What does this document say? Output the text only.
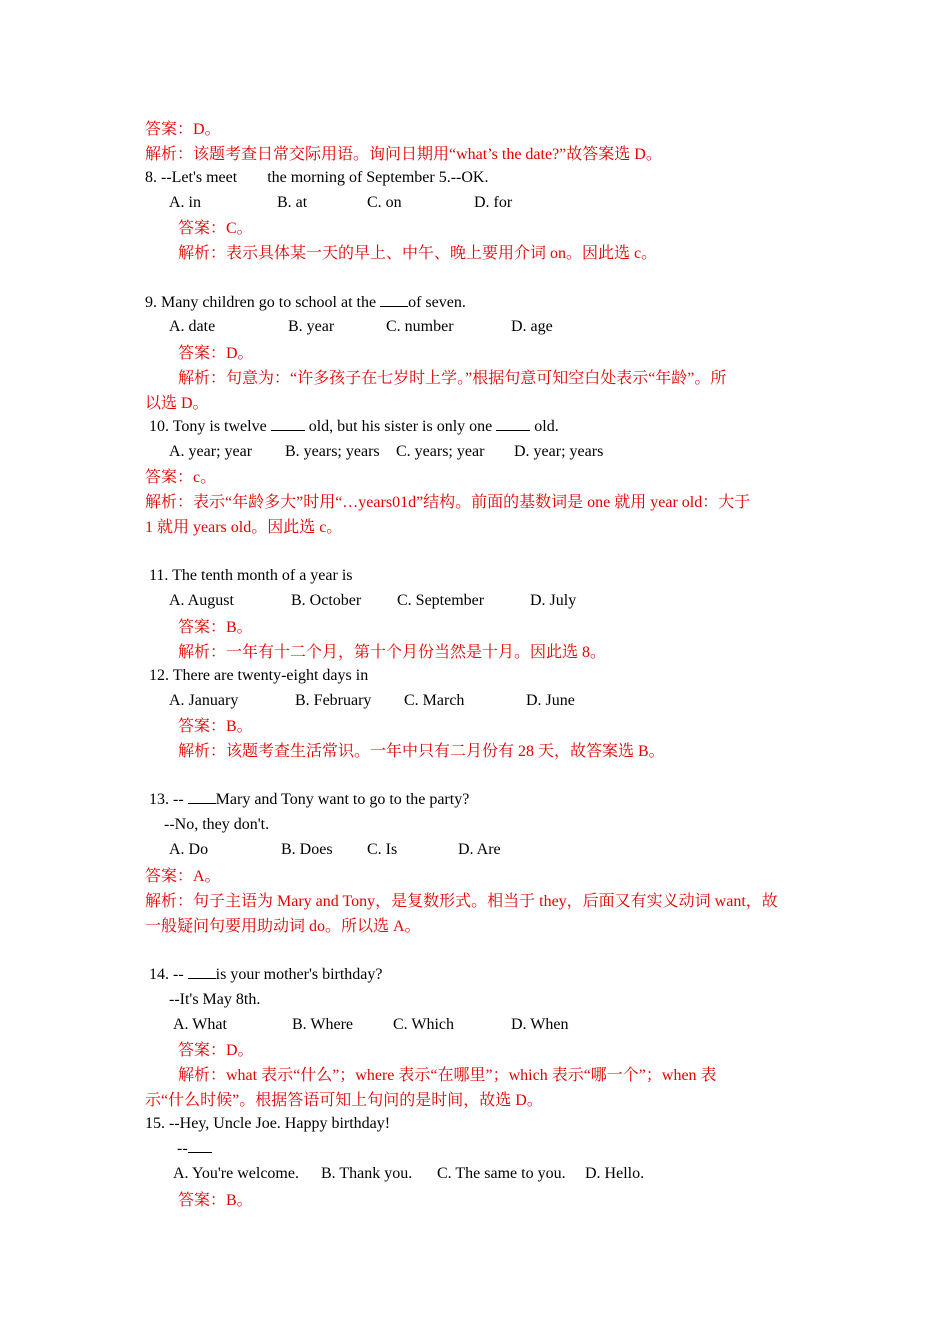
答案：D。
解析：该题考查日常交际用语。询问日期用“what’s the date?”故答案选 D。
8. --Let's meet the morning of September 5.--OK.
A. in	B. at	C. on	D. for
答案：C。
解析：表示具体某一天的早上、中午、晚上要用介词 on。因此选 c。
9. Many children go to school at the of seven.
A. date	B. year	C. number	D. age
答案：D。
解析：句意为：“许多孩子在七岁时上学。”根据句意可知空白处表示“年龄”。所
以选 D。
10. Tony is twelve	old, but his sister is only one	old.
A. year; year B. years; years C. years; year D. year; years
答案：c。
解析：表示“年龄多大”时用“…years01d”结构。前面的基数词是 one 就用 year old：大于
1 就用 years old。因此选 c。
11. The tenth month of a year is
A. August	B. October C. September	D. July
答案：B。
解析：一年有十二个月，第十个月份当然是十月。因此选 8。
12. There are twenty-eight days in
A. January	B. February C. March	D. June
答案：B。
解析：该题考查生活常识。一年中只有二月份有 28 天，故答案选 B。
13. -- Mary and Tony want to go to the party?
--No, they don't.
A. Do	B. Does C. Is	D. Are
答案：A。
解析：句子主语为 Mary and Tony，是复数形式。相当于 they，后面又有实义动词 want，故
一般疑问句要用助动词 do。所以选 A。
14. -- is your mother's birthday?
--It's May 8th.
A. What	B. Where C. Which	D. When
答案：D。
解析：what 表示“什么”；where 表示“在哪里”；which 表示“哪一个”；when 表
示“什么时候”。根据答语可知上句问的是时间，故选 D。
15. --Hey, Uncle Joe. Happy birthday!
--
A. You're welcome. B. Thank you. C. The same to you. D. Hello.
答案：B。
